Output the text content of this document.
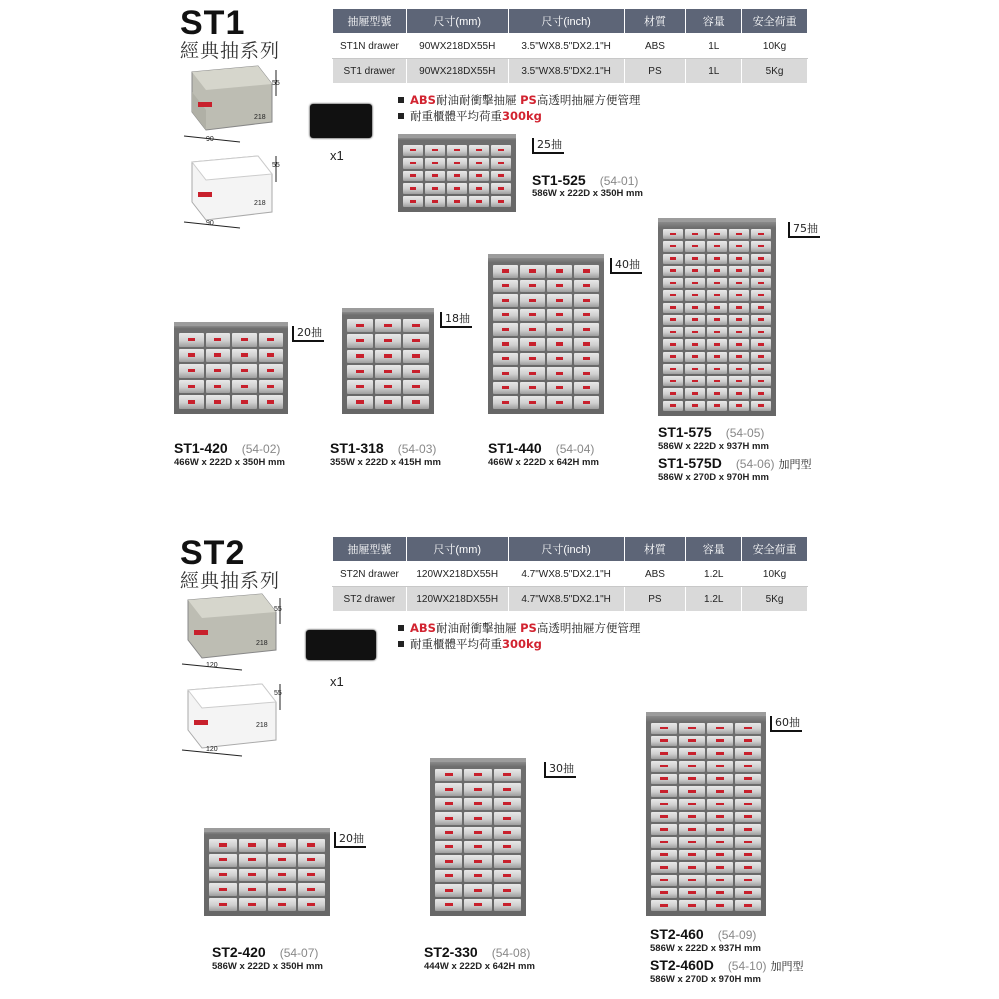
ST1
經典抽系列
抽屜型號	尺寸(mm)	尺寸(inch)	材質	容量	安全荷重
ST1N drawer	90WX218DX55H	3.5"WX8.5"DX2.1"H	ABS	1L	10Kg
ST1 drawer	90WX218DX55H	3.5"WX8.5"DX2.1"H	PS	1L	5Kg
ABS耐油耐衝擊抽屜 PS高透明抽屜方便管理
耐重櫃體平均荷重300kg
55
218
90
55
218
90
x1
25抽
ST1-525 (54-01)
586W x 222D x 350H mm
20抽
ST1-420 (54-02)
466W x 222D x 350H mm
18抽
ST1-318 (54-03)
355W x 222D x 415H mm
40抽
ST1-440 (54-04)
466W x 222D x 642H mm
75抽
ST1-575 (54-05)
586W x 222D x 937H mm
ST1-575D (54-06) 加門型
586W x 270D x 970H mm
ST2
經典抽系列
抽屜型號	尺寸(mm)	尺寸(inch)	材質	容量	安全荷重
ST2N drawer	120WX218DX55H	4.7"WX8.5"DX2.1"H	ABS	1.2L	10Kg
ST2 drawer	120WX218DX55H	4.7"WX8.5"DX2.1"H	PS	1.2L	5Kg
ABS耐油耐衝擊抽屜 PS高透明抽屜方便管理
耐重櫃體平均荷重300kg
55
218
120
55
218
120
x1
20抽
ST2-420 (54-07)
586W x 222D x 350H mm
30抽
ST2-330 (54-08)
444W x 222D x 642H mm
60抽
ST2-460 (54-09)
586W x 222D x 937H mm
ST2-460D (54-10) 加門型
586W x 270D x 970H mm
